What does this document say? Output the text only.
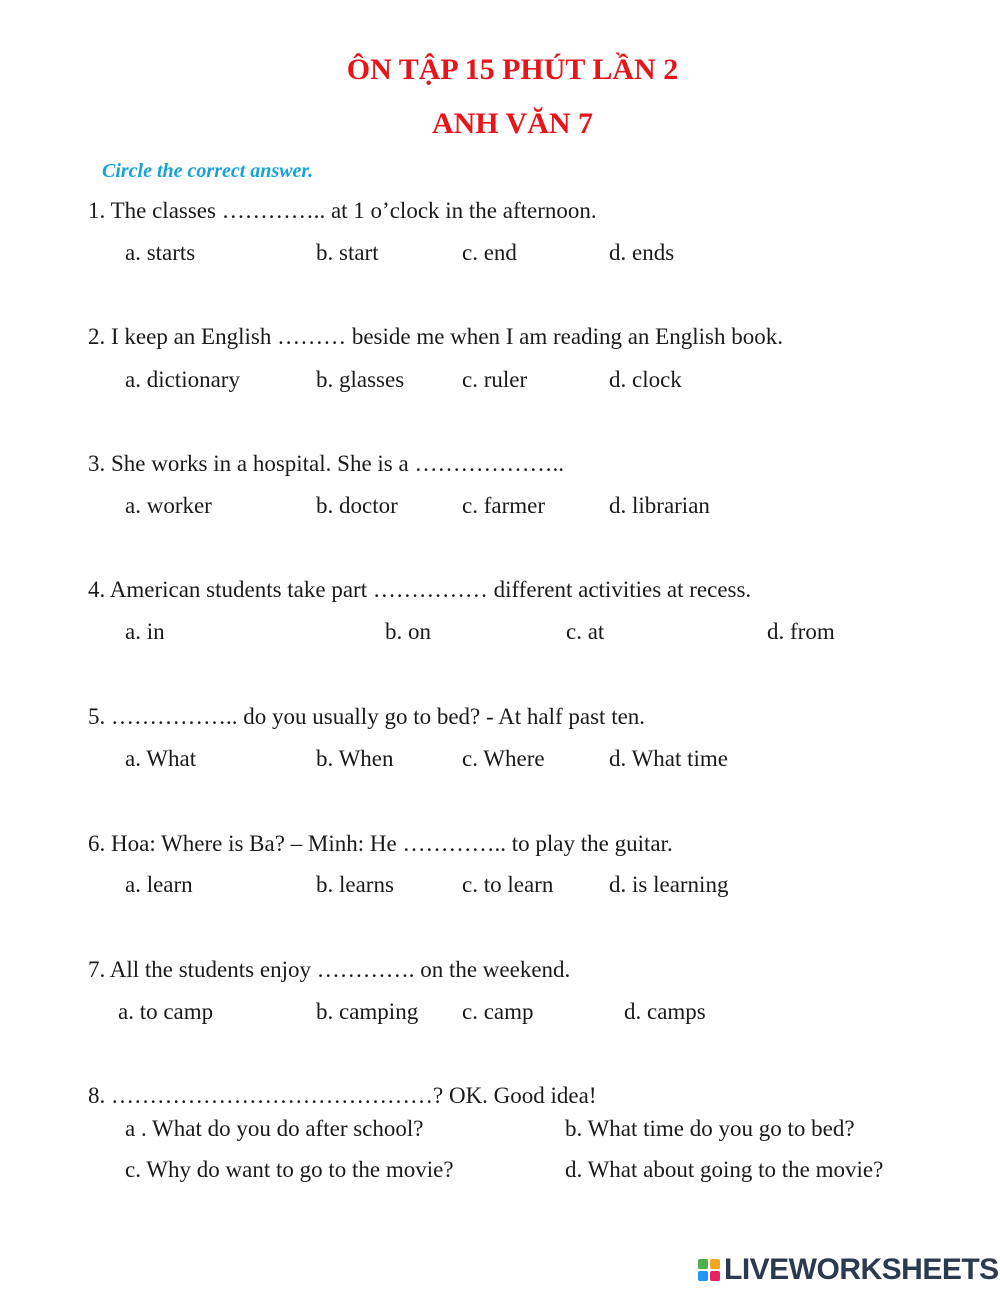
ÔN TẬP 15 PHÚT LẦN 2
ANH VĂN 7
Circle the correct answer.
1. The classes ………….. at 1 o’clock in the afternoon.
a. starts	b. start	c. end	d. ends
2. I keep an English ……… beside me when I am reading an English book.
a. dictionary	b. glasses	c. ruler	d. clock
3. She works in a hospital. She is a ………………..
a. worker	b. doctor	c. farmer	d. librarian
4. American students take part …………… different activities at recess.
a. in	b. on	c. at	d. from
5. …………….. do you usually go to bed? - At half past ten.
a. What	b. When	c. Where	d. What time
6. Hoa: Where is Ba? – Minh: He ………….. to play the guitar.
a. learn	b. learns	c. to learn d. is learning
7. All the students enjoy …………. on the weekend.
a. to camp	b. camping c. camp	d. camps
8. ……………………………………? OK. Good idea!
a . What do you do after school?	b. What time do you go to bed?
c. Why do want to go to the movie?	d. What about going to the movie?
LIVEWORKSHEETS
